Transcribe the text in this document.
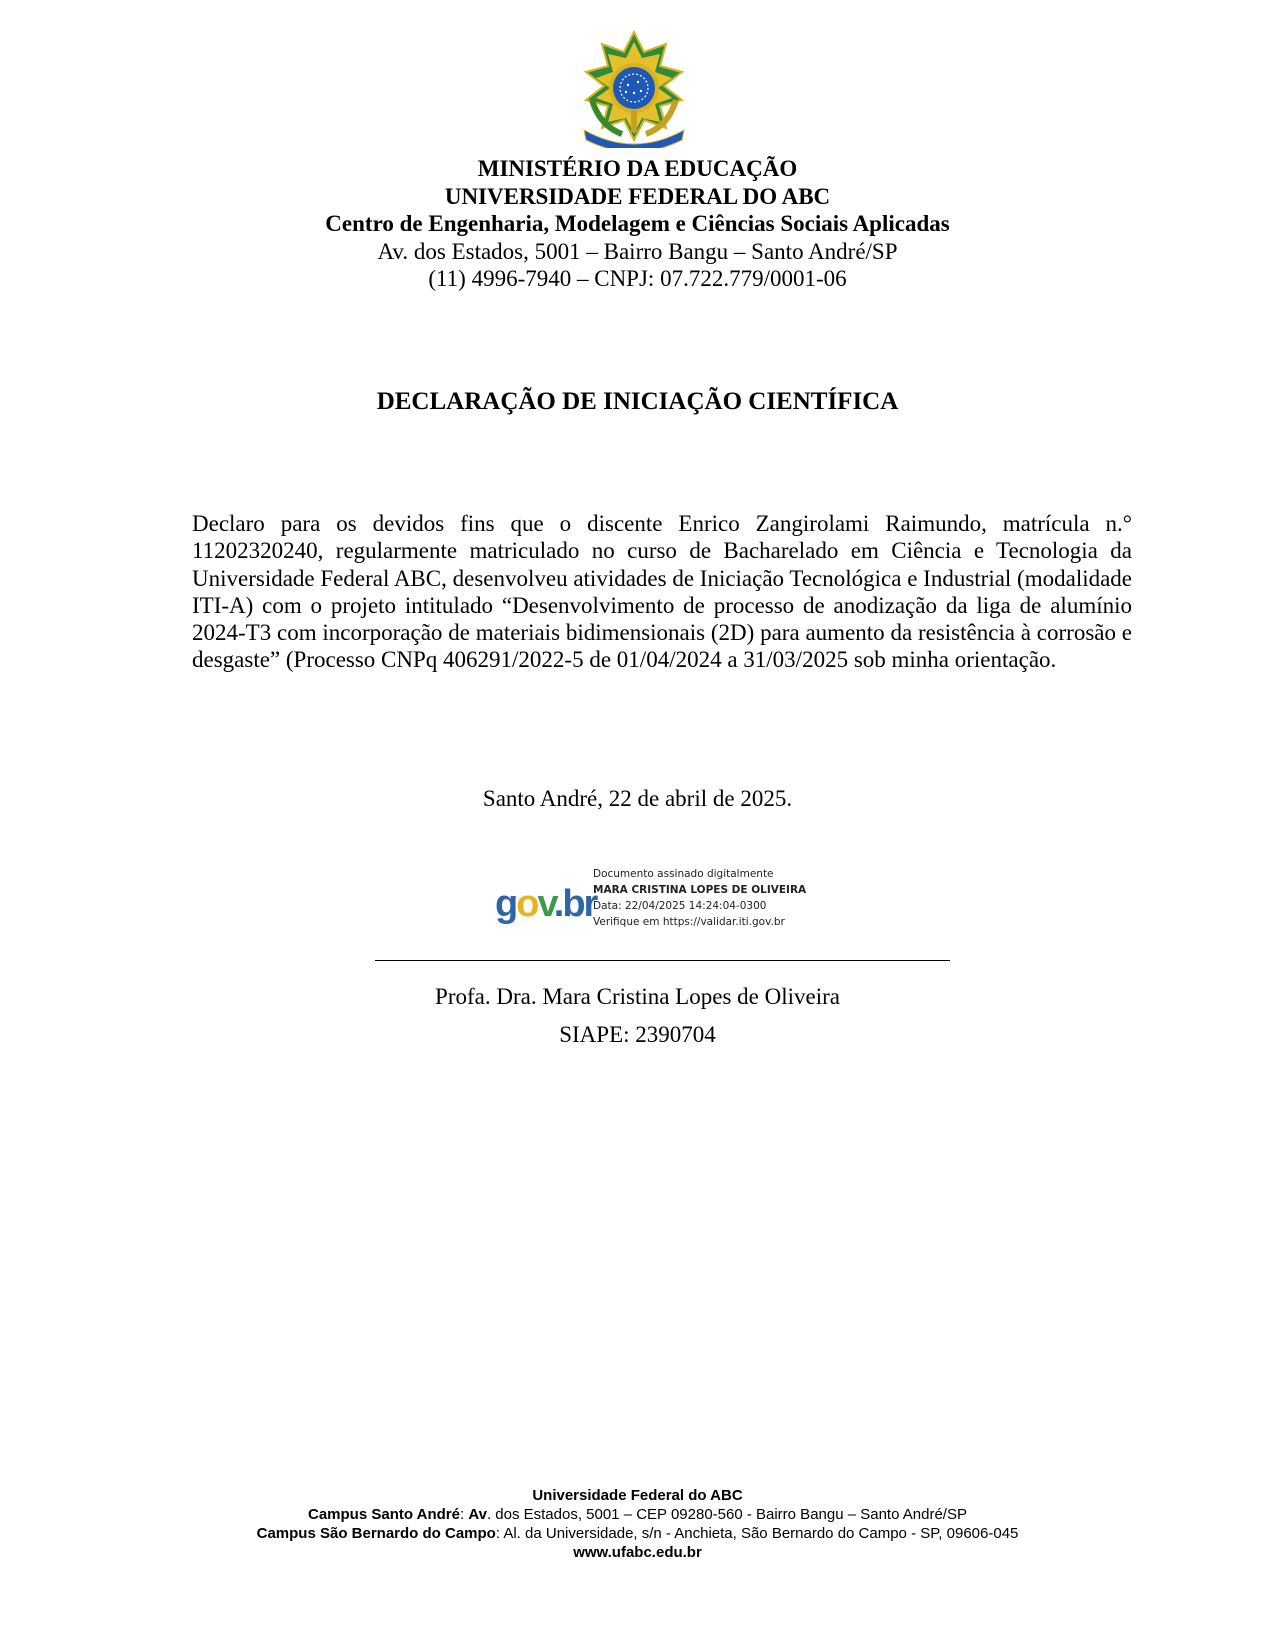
MINISTÉRIO DA EDUCAÇÃO
UNIVERSIDADE FEDERAL DO ABC
Centro de Engenharia, Modelagem e Ciências Sociais Aplicadas
Av. dos Estados, 5001 – Bairro Bangu – Santo André/SP
(11) 4996-7940 – CNPJ: 07.722.779/0001-06
DECLARAÇÃO DE INICIAÇÃO CIENTÍFICA
Declaro para os devidos fins que o discente Enrico Zangirolami Raimundo, matrícula n.° 11202320240, regularmente matriculado no curso de Bacharelado em Ciência e Tecnologia da Universidade Federal ABC, desenvolveu atividades de Iniciação Tecnológica e Industrial (modalidade ITI-A) com o projeto intitulado “Desenvolvimento de processo de anodização da liga de alumínio 2024-T3 com incorporação de materiais bidimensionais (2D) para aumento da resistência à corrosão e desgaste” (Processo CNPq 406291/2022-5 de 01/04/2024 a 31/03/2025 sob minha orientação.
Santo André, 22 de abril de 2025.
gov.br
Documento assinado digitalmente
MARA CRISTINA LOPES DE OLIVEIRA
Data: 22/04/2025 14:24:04-0300
Verifique em https://validar.iti.gov.br
Profa. Dra. Mara Cristina Lopes de Oliveira
SIAPE: 2390704
Universidade Federal do ABC
Campus Santo André: Av. dos Estados, 5001 – CEP 09280-560 - Bairro Bangu – Santo André/SP
Campus São Bernardo do Campo: Al. da Universidade, s/n - Anchieta, São Bernardo do Campo - SP, 09606-045
www.ufabc.edu.br
